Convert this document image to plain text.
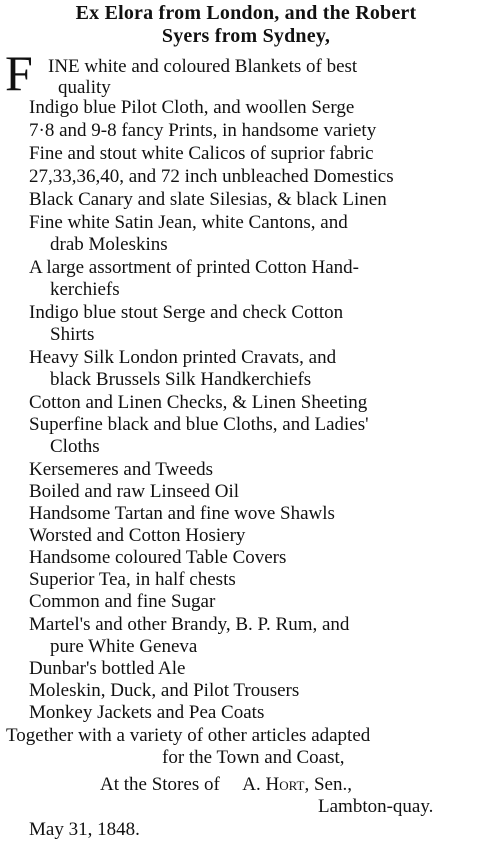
Ex Elora from London, and the Robert
Syers from Sydney,
F INE white and coloured Blankets of best
quality
Indigo blue Pilot Cloth, and woollen Serge
7·8 and 9-8 fancy Prints, in handsome variety
Fine and stout white Calicos of suprior fabric
27,33,36,40, and 72 inch unbleached Domestics
Black Canary and slate Silesias, & black Linen
Fine white Satin Jean, white Cantons, and
drab Moleskins
A large assortment of printed Cotton Hand-
kerchiefs
Indigo blue stout Serge and check Cotton
Shirts
Heavy Silk London printed Cravats, and
black Brussels Silk Handkerchiefs
Cotton and Linen Checks, & Linen Sheeting
Superfine black and blue Cloths, and Ladies'
Cloths
Kersemeres and Tweeds
Boiled and raw Linseed Oil
Handsome Tartan and fine wove Shawls
Worsted and Cotton Hosiery
Handsome coloured Table Covers
Superior Tea, in half chests
Common and fine Sugar
Martel's and other Brandy, B. P. Rum, and
pure White Geneva
Dunbar's bottled Ale
Moleskin, Duck, and Pilot Trousers
Monkey Jackets and Pea Coats
Together with a variety of other articles adapted
for the Town and Coast,
At the Stores of A. Hort, Sen.,
Lambton-quay.
May 31, 1848.
